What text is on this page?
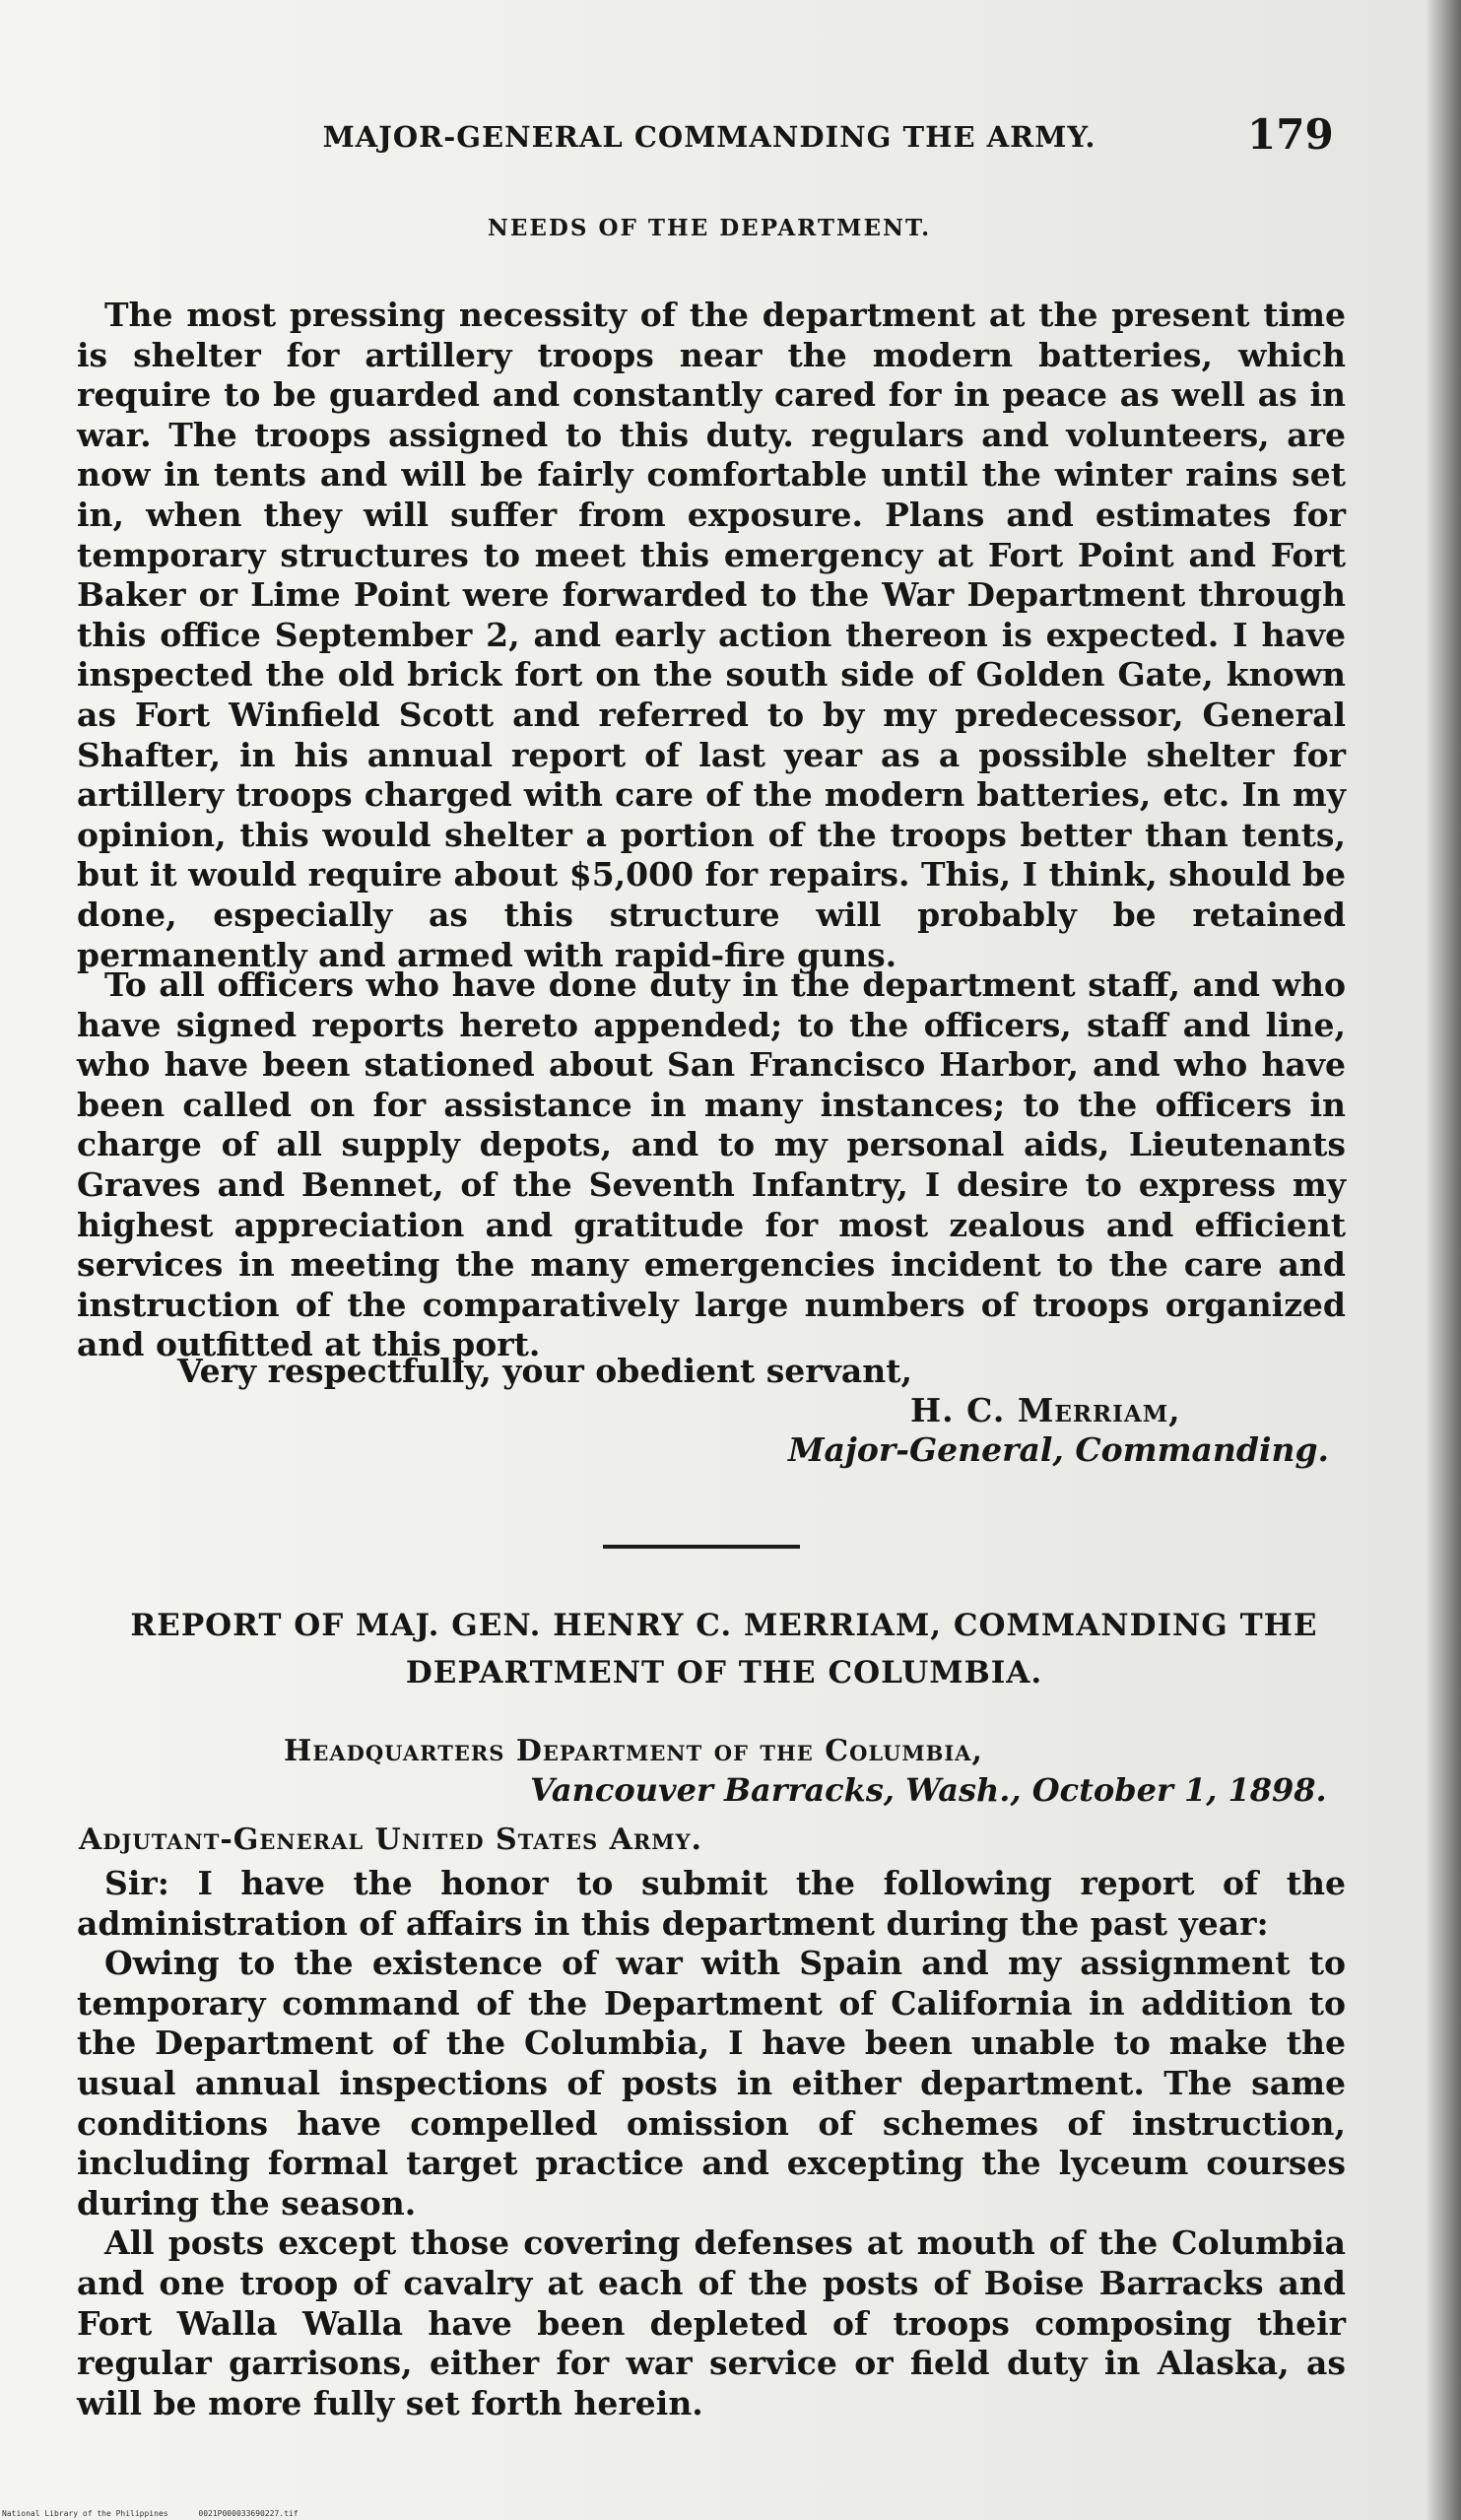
MAJOR-GENERAL COMMANDING THE ARMY.	179
NEEDS OF THE DEPARTMENT.

The most pressing necessity of the department at the present time is shelter for artillery troops near the modern batteries, which require to be guarded and constantly cared for in peace as well as in war. The troops assigned to this duty. regulars and volunteers, are now in tents and will be fairly comfortable until the winter rains set in, when they will suffer from exposure. Plans and estimates for temporary structures to meet this emergency at Fort Point and Fort Baker or Lime Point were forwarded to the War Department through this office September 2, and early action thereon is expected. I have inspected the old brick fort on the south side of Golden Gate, known as Fort Winfield Scott and referred to by my predecessor, General Shafter, in his annual report of last year as a possible shelter for artillery troops charged with care of the modern batteries, etc. In my opinion, this would shelter a portion of the troops better than tents, but it would require about $5,000 for repairs. This, I think, should be done, especially as this structure will probably be retained permanently and armed with rapid-fire guns.

To all officers who have done duty in the department staff, and who have signed reports hereto appended; to the officers, staff and line, who have been stationed about San Francisco Harbor, and who have been called on for assistance in many instances; to the officers in charge of all supply depots, and to my personal aids, Lieutenants Graves and Bennet, of the Seventh Infantry, I desire to express my highest appreciation and gratitude for most zealous and efficient services in meeting the many emergencies incident to the care and instruction of the comparatively large numbers of troops organized and outfitted at this port.

Very respectfully, your obedient servant,
H. C. Merriam,
Major-General, Commanding.
REPORT OF MAJ. GEN. HENRY C. MERRIAM, COMMANDING THE
DEPARTMENT OF THE COLUMBIA.
Headquarters Department of the Columbia,
Vancouver Barracks, Wash., October 1, 1898.
Adjutant-General United States Army.

Sir: I have the honor to submit the following report of the administration of affairs in this department during the past year:

Owing to the existence of war with Spain and my assignment to temporary command of the Department of California in addition to the Department of the Columbia, I have been unable to make the usual annual inspections of posts in either department. The same conditions have compelled omission of schemes of instruction, including formal target practice and excepting the lyceum courses during the season.

All posts except those covering defenses at mouth of the Columbia and one troop of cavalry at each of the posts of Boise Barracks and Fort Walla Walla have been depleted of troops composing their regular garrisons, either for war service or field duty in Alaska, as will be more fully set forth herein.

National Library of the Philippines	0021P000033690227.tif
